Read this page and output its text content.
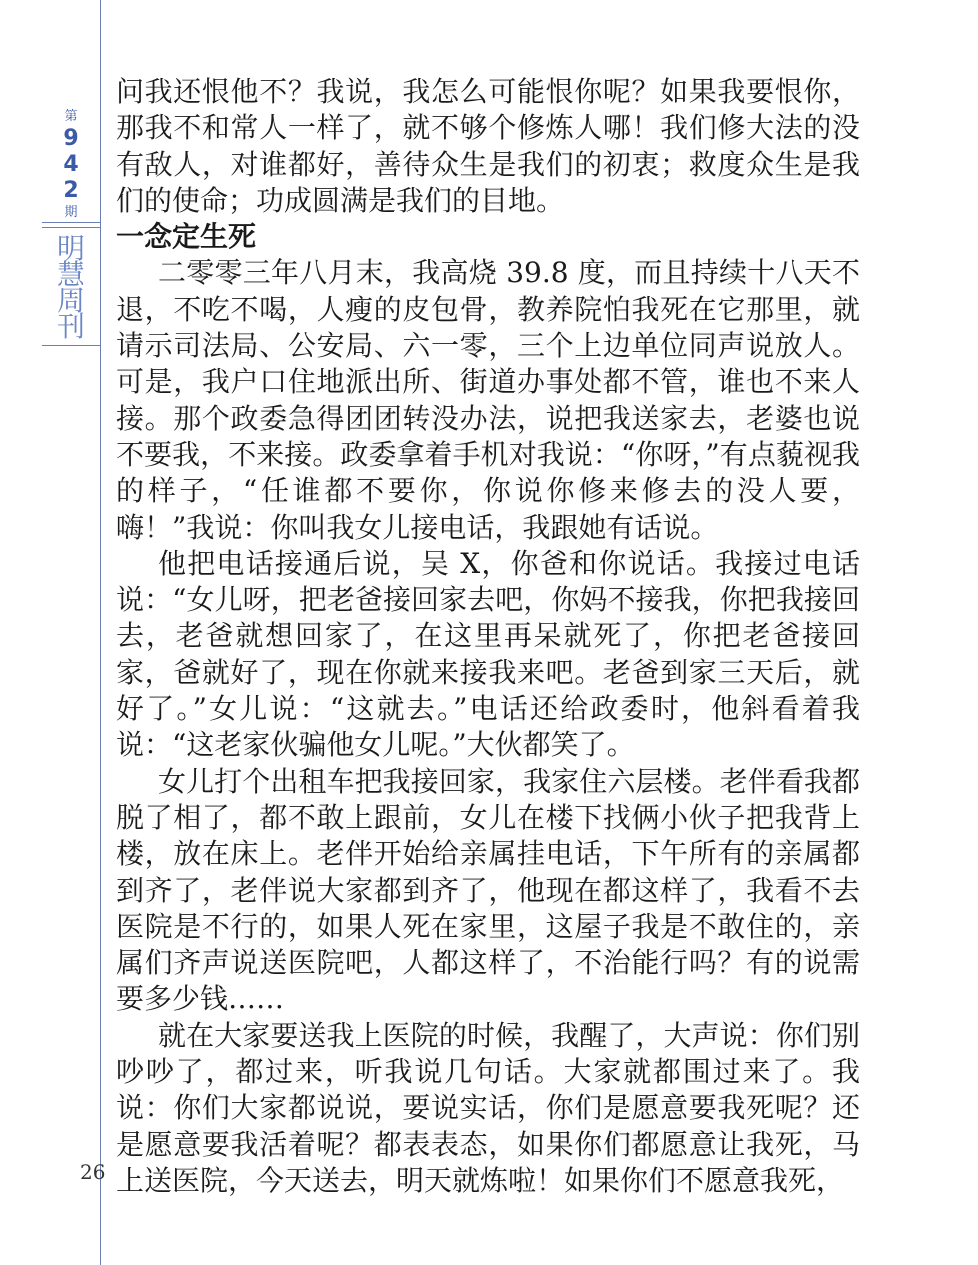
第
942
期
明
慧
周
刊
26

问我还恨他不？我说，我怎么可能恨你呢？如果我要恨你，那我不和常人一样了，就不够个修炼人哪！我们修大法的没有敌人，对谁都好，善待众生是我们的初衷；救度众生是我们的使命；功成圆满是我们的目地。

一念定生死

二零零三年八月末，我高烧 39.8 度，而且持续十八天不退，不吃不喝，人瘦的皮包骨，教养院怕我死在它那里，就请示司法局、公安局、六一零，三个上边单位同声说放人。可是，我户口住地派出所、街道办事处都不管，谁也不来人接。那个政委急得团团转没办法，说把我送家去，老婆也说不要我，不来接。政委拿着手机对我说：“你呀，”有点藐视我的样子，“任谁都不要你，你说你修来修去的没人要，嗨！”我说：你叫我女儿接电话，我跟她有话说。

他把电话接通后说，吴 X，你爸和你说话。我接过电话说：“女儿呀，把老爸接回家去吧，你妈不接我，你把我接回去，老爸就想回家了，在这里再呆就死了，你把老爸接回家，爸就好了，现在你就来接我来吧。老爸到家三天后，就好了。”女儿说：“这就去。”电话还给政委时，他斜看着我说：“这老家伙骗他女儿呢。”大伙都笑了。

女儿打个出租车把我接回家，我家住六层楼。老伴看我都脱了相了，都不敢上跟前，女儿在楼下找俩小伙子把我背上楼，放在床上。老伴开始给亲属挂电话，下午所有的亲属都到齐了，老伴说大家都到齐了，他现在都这样了，我看不去医院是不行的，如果人死在家里，这屋子我是不敢住的，亲属们齐声说送医院吧，人都这样了，不治能行吗？有的说需要多少钱……

就在大家要送我上医院的时候，我醒了，大声说：你们别吵吵了，都过来，听我说几句话。大家就都围过来了。我说：你们大家都说说，要说实话，你们是愿意要我死呢？还是愿意要我活着呢？都表表态，如果你们都愿意让我死，马上送医院，今天送去，明天就炼啦！如果你们不愿意我死，
